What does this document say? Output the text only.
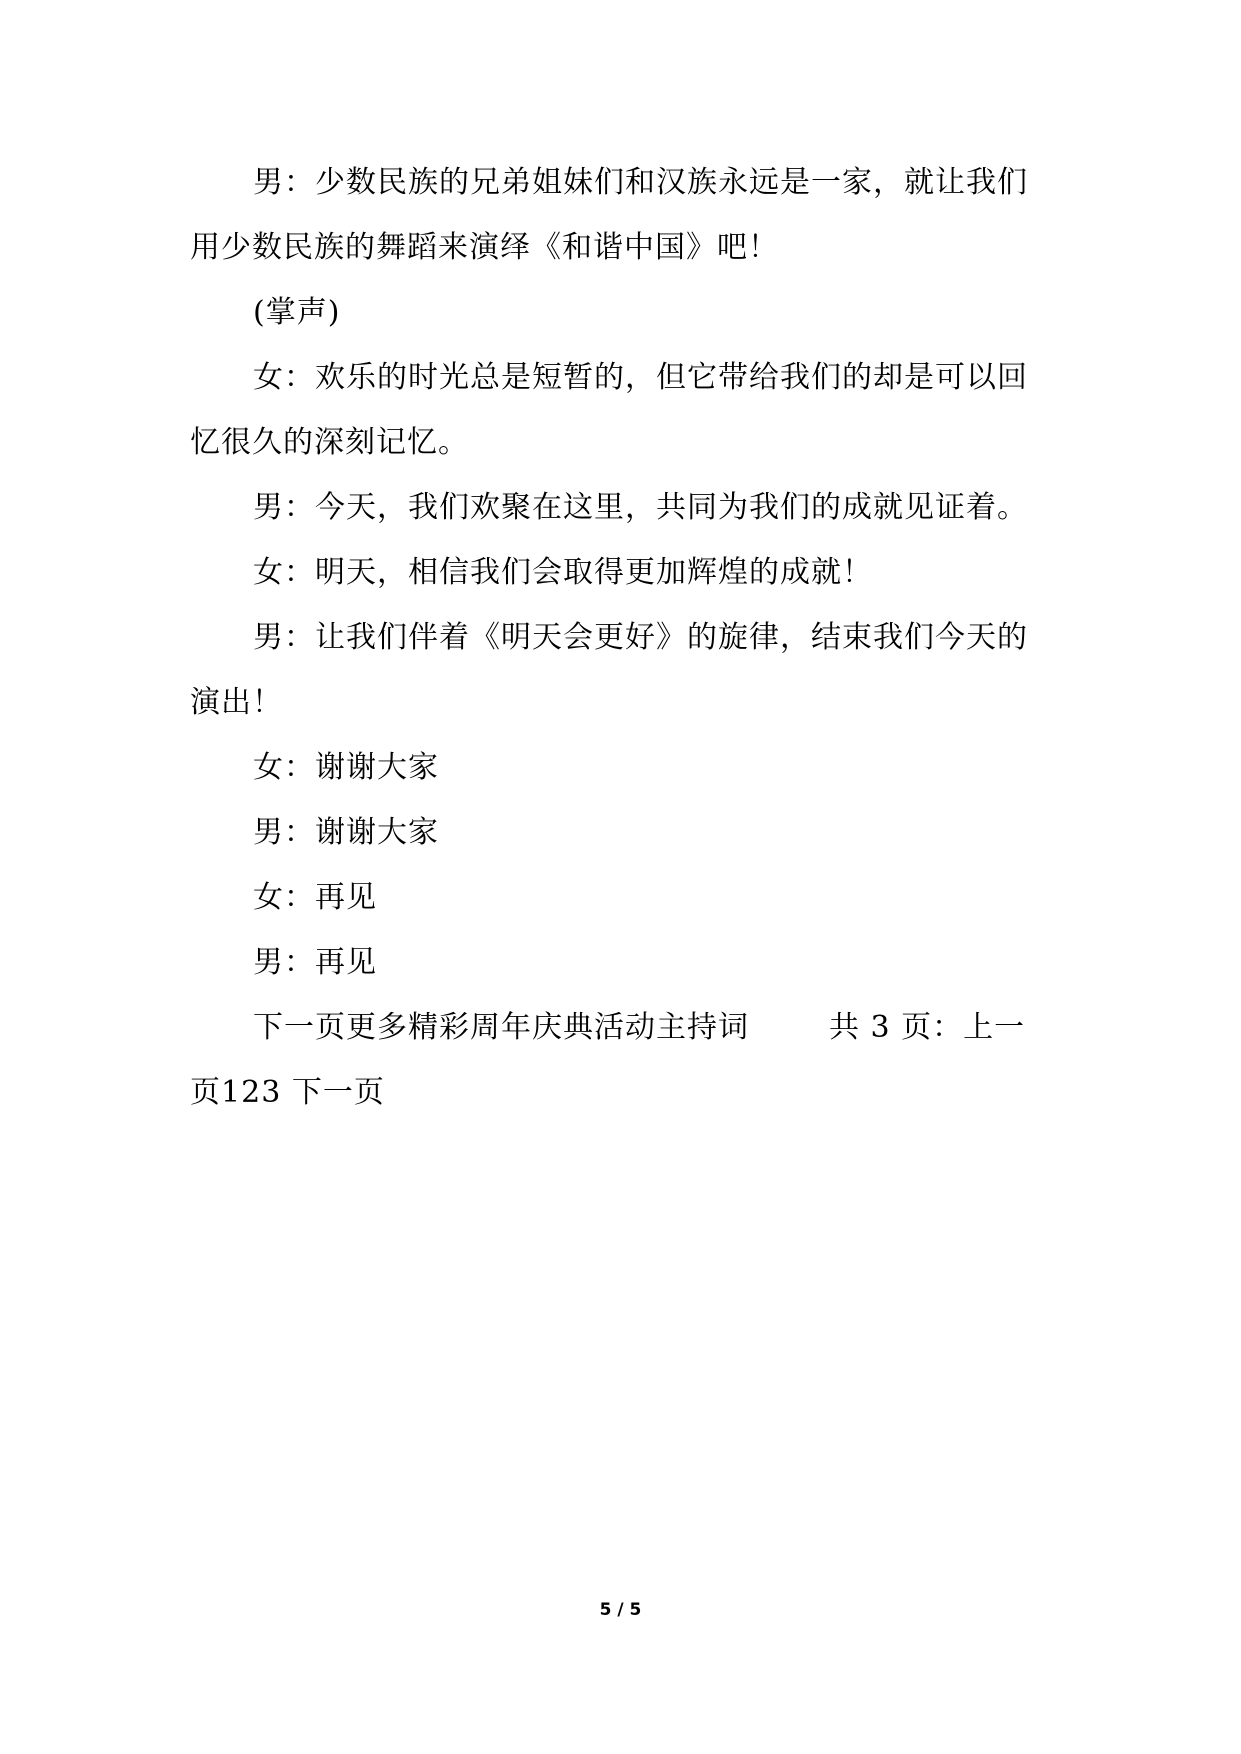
男：少数民族的兄弟姐妹们和汉族永远是一家，就让我们用少数民族的舞蹈来演绎《和谐中国》吧！

(掌声)

女：欢乐的时光总是短暂的，但它带给我们的却是可以回忆很久的深刻记忆。

男：今天，我们欢聚在这里，共同为我们的成就见证着。

女：明天，相信我们会取得更加辉煌的成就！

男：让我们伴着《明天会更好》的旋律，结束我们今天的演出！

女：谢谢大家

男：谢谢大家

女：再见

男：再见

下一页更多精彩周年庆典活动主持词	共 3 页：上一页123 下一页

5 / 5
